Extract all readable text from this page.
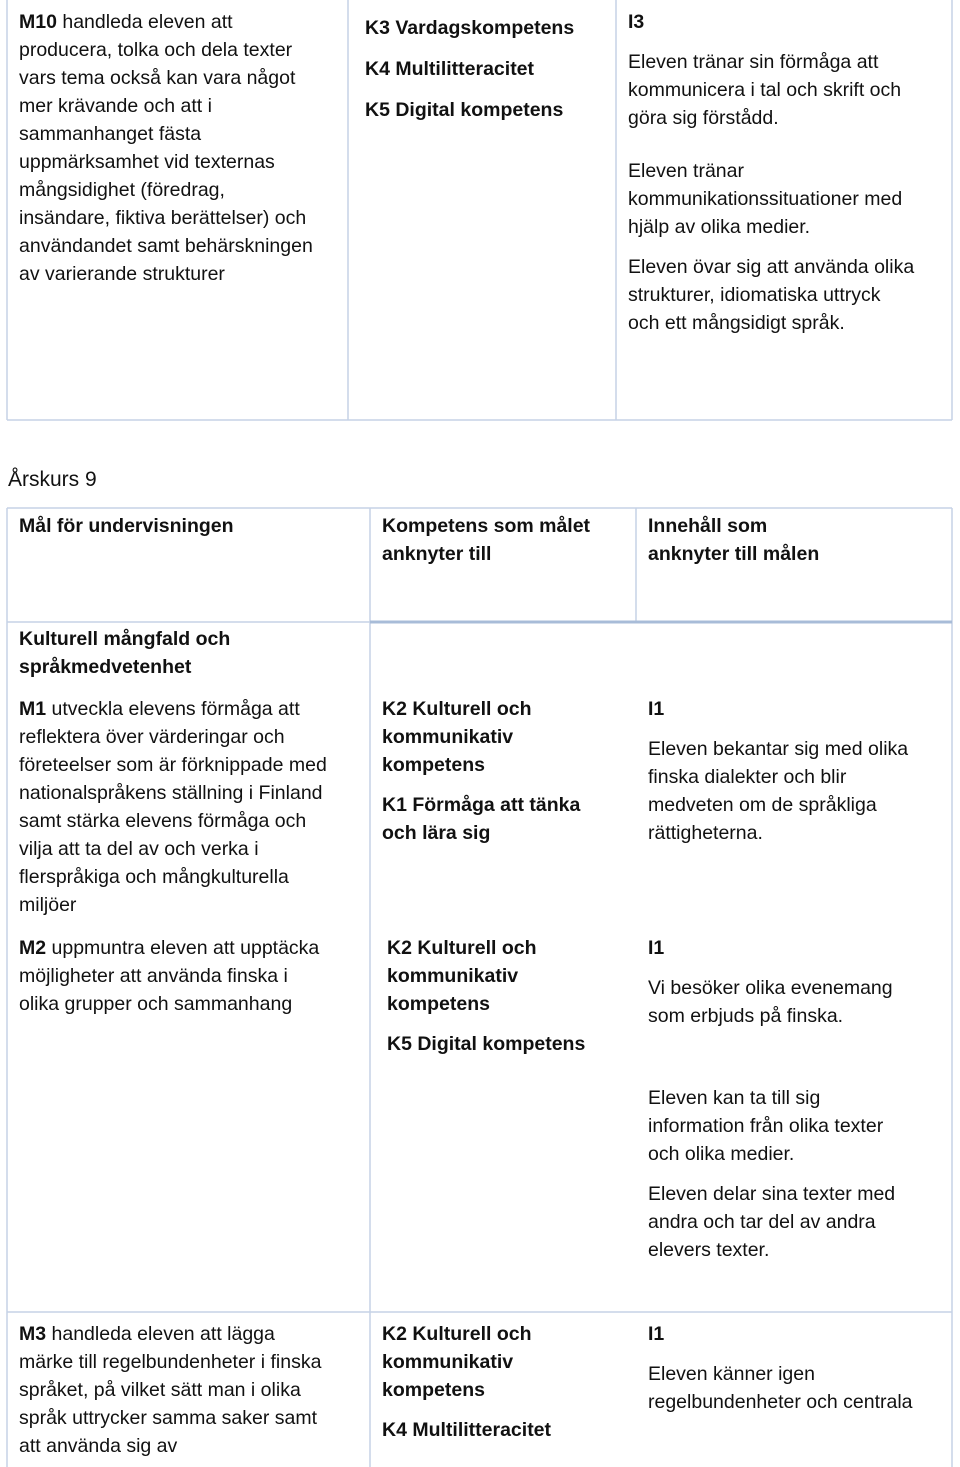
M10 handleda eleven att
producera, tolka och dela texter
vars tema också kan vara något
mer krävande och att i
sammanhanget fästa
uppmärksamhet vid texternas
mångsidighet (föredrag,
insändare, fiktiva berättelser) och
användandet samt behärskningen
av varierande strukturer
K3 Vardagskompetens
K4 Multilitteracitet
K5 Digital kompetens
I3
Eleven tränar sin förmåga att
kommunicera i tal och skrift och
göra sig förstådd.
Eleven tränar
kommunikationssituationer med
hjälp av olika medier.
Eleven övar sig att använda olika
strukturer, idiomatiska uttryck
och ett mångsidigt språk.
Årskurs 9
Mål för undervisningen	Kompetens som målet
anknyter till
Innehåll som
anknyter till målen
Kulturell mångfald och
språkmedvetenhet
M1 utveckla elevens förmåga att
reflektera över värderingar och
företeelser som är förknippade med
nationalspråkens ställning i Finland
samt stärka elevens förmåga och
vilja att ta del av och verka i
flerspråkiga och mångkulturella
miljöer
K2 Kulturell och
kommunikativ
kompetens
K1 Förmåga att tänka
och lära sig
I1
Eleven bekantar sig med olika
finska dialekter och blir
medveten om de språkliga
rättigheterna.
M2 uppmuntra eleven att upptäcka
möjligheter att använda finska i
olika grupper och sammanhang
K2 Kulturell och
kommunikativ
kompetens
K5 Digital kompetens
I1
Vi besöker olika evenemang
som erbjuds på finska.
Eleven kan ta till sig
information från olika texter
och olika medier.
Eleven delar sina texter med
andra och tar del av andra
elevers texter.
M3 handleda eleven att lägga
märke till regelbundenheter i finska
språket, på vilket sätt man i olika
språk uttrycker samma saker samt
att använda sig av
K2 Kulturell och
kommunikativ
kompetens
K4 Multilitteracitet
I1
Eleven känner igen
regelbundenheter och centrala
